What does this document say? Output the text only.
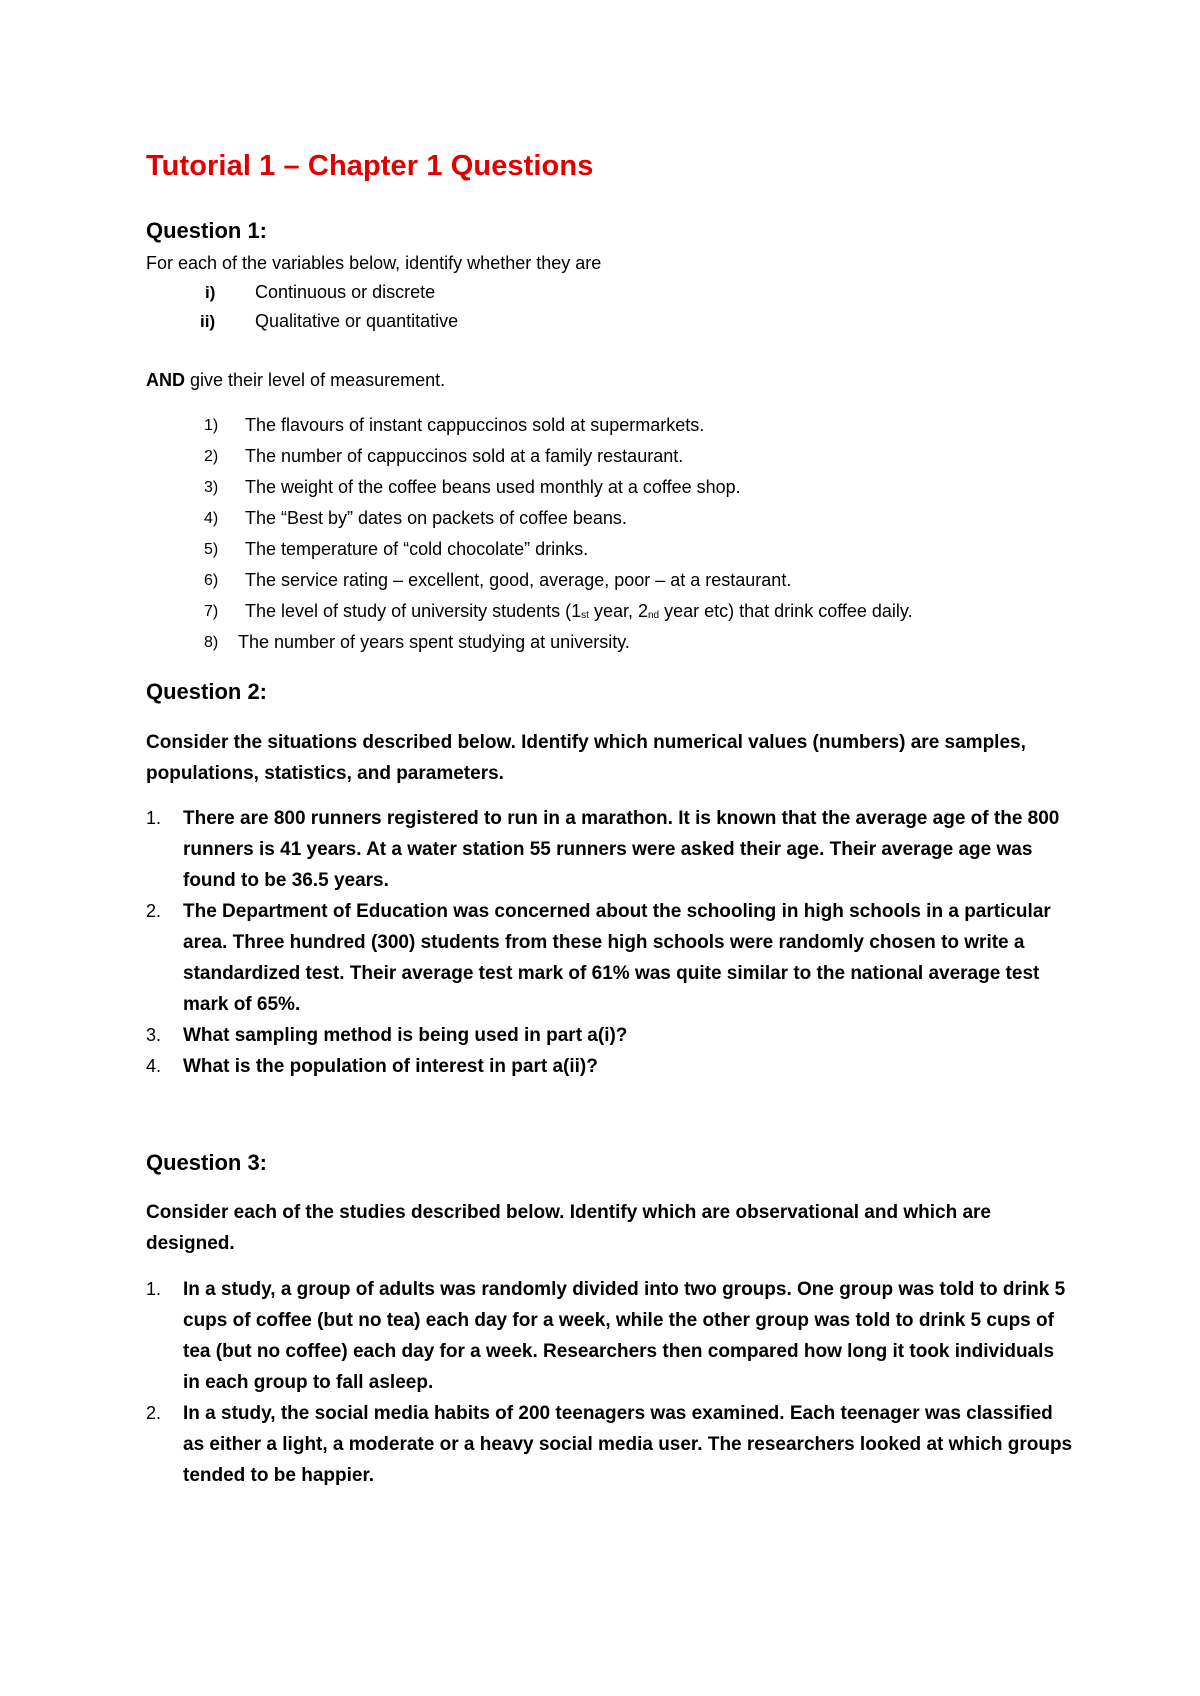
Tutorial 1 – Chapter 1 Questions
Question 1:

For each of the variables below, identify whether they are

i) Continuous or discrete
ii) Qualitative or quantitative

AND give their level of measurement.

1) The flavours of instant cappuccinos sold at supermarkets.
2) The number of cappuccinos sold at a family restaurant.
3) The weight of the coffee beans used monthly at a coffee shop.
4) The “Best by” dates on packets of coffee beans.
5) The temperature of “cold chocolate” drinks.
6) The service rating – excellent, good, average, poor – at a restaurant.
7) The level of study of university students (1st year, 2nd year etc) that drink coffee daily.
8) The number of years spent studying at university.
Question 2:

Consider the situations described below. Identify which numerical values (numbers) are samples, populations, statistics, and parameters.

1. There are 800 runners registered to run in a marathon. It is known that the average age of the 800 runners is 41 years. At a water station 55 runners were asked their age. Their average age was found to be 36.5 years.
2. The Department of Education was concerned about the schooling in high schools in a particular area. Three hundred (300) students from these high schools were randomly chosen to write a standardized test. Their average test mark of 61% was quite similar to the national average test mark of 65%.
3. What sampling method is being used in part a(i)?
4. What is the population of interest in part a(ii)?
Question 3:

Consider each of the studies described below. Identify which are observational and which are designed.

1. In a study, a group of adults was randomly divided into two groups. One group was told to drink 5 cups of coffee (but no tea) each day for a week, while the other group was told to drink 5 cups of tea (but no coffee) each day for a week. Researchers then compared how long it took individuals in each group to fall asleep.
2. In a study, the social media habits of 200 teenagers was examined. Each teenager was classified as either a light, a moderate or a heavy social media user. The researchers looked at which groups tended to be happier.
